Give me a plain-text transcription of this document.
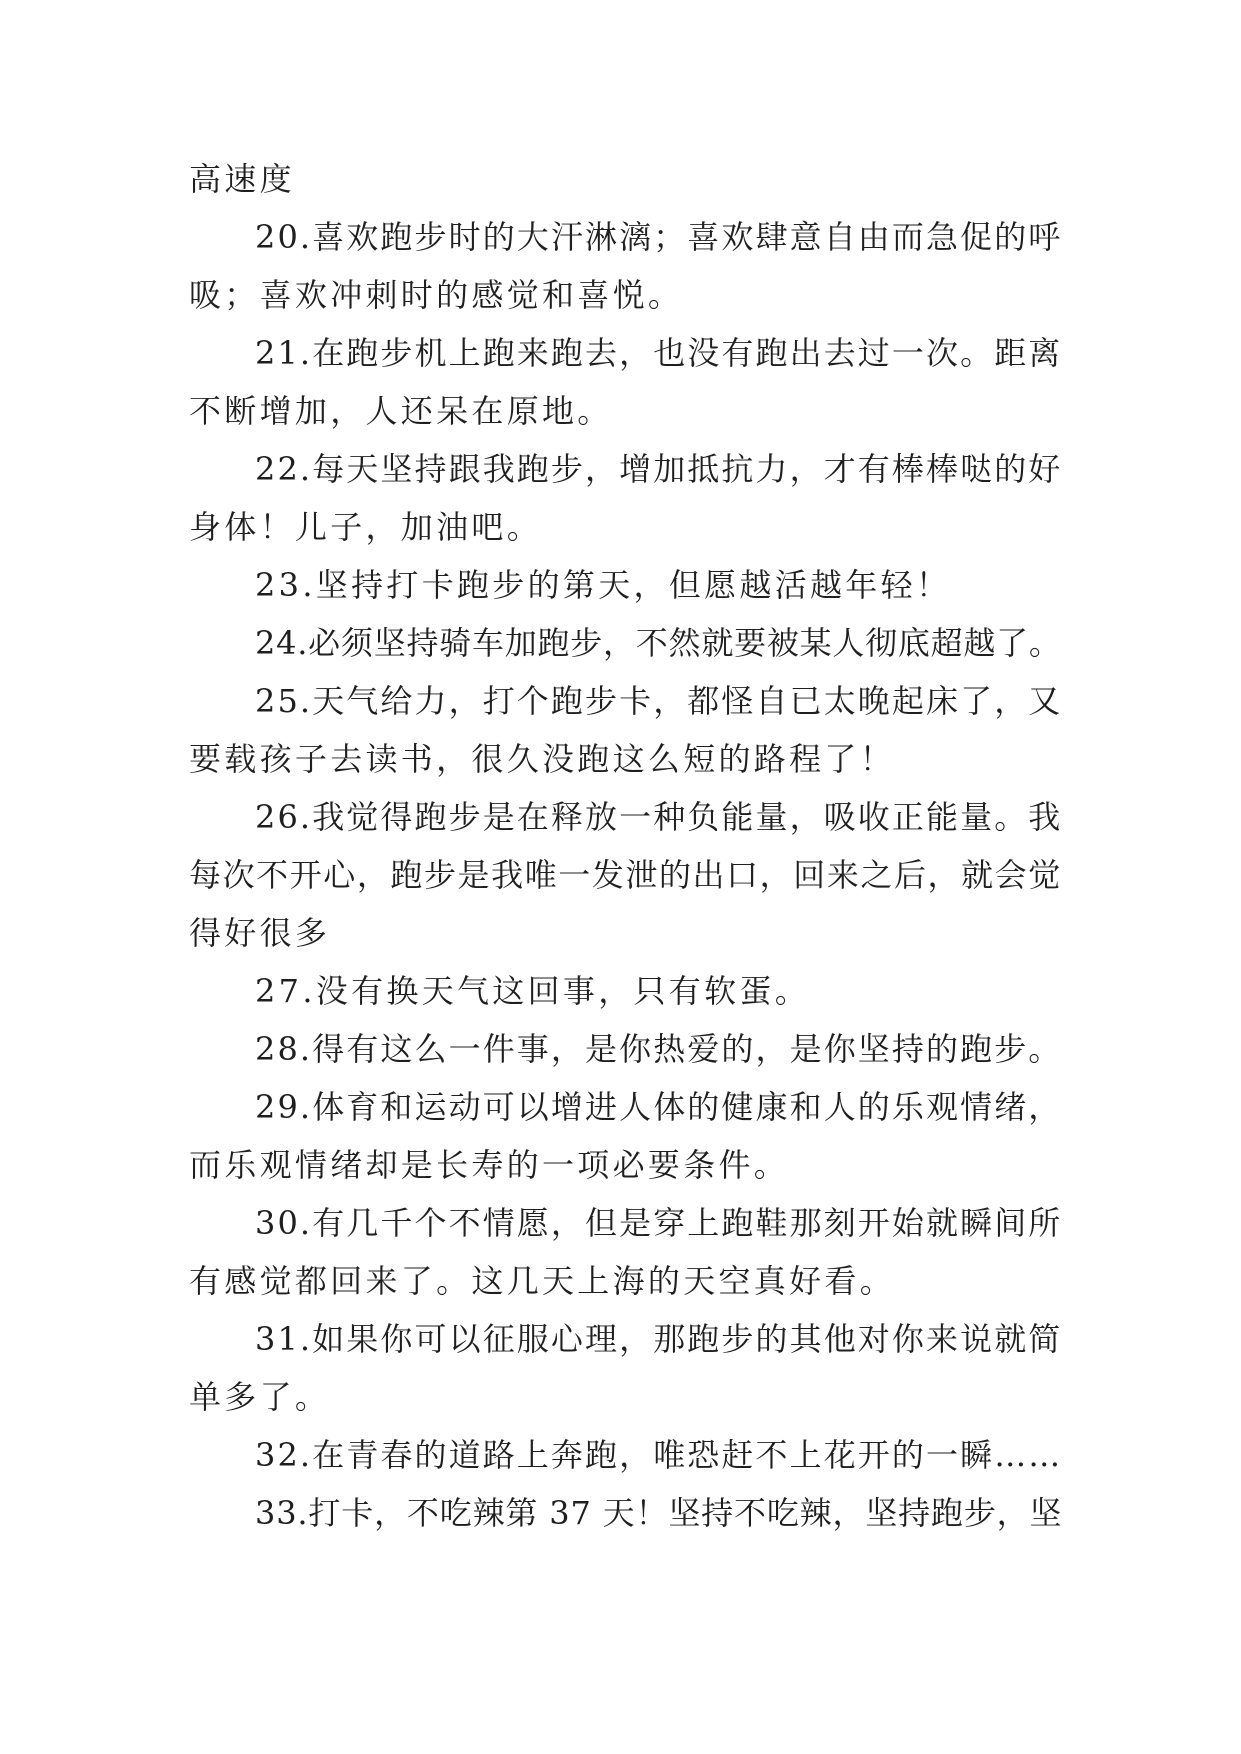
高速度
20.喜欢跑步时的大汗淋漓；喜欢肆意自由而急促的呼
吸；喜欢冲刺时的感觉和喜悦。
21.在跑步机上跑来跑去，也没有跑出去过一次。距离
不断增加，人还呆在原地。
22.每天坚持跟我跑步，增加抵抗力，才有棒棒哒的好
身体！儿子，加油吧。
23.坚持打卡跑步的第天，但愿越活越年轻！
24.必须坚持骑车加跑步，不然就要被某人彻底超越了。
25.天气给力，打个跑步卡，都怪自已太晚起床了，又
要载孩子去读书，很久没跑这么短的路程了！
26.我觉得跑步是在释放一种负能量，吸收正能量。我
每次不开心，跑步是我唯一发泄的出口，回来之后，就会觉
得好很多
27.没有换天气这回事，只有软蛋。
28.得有这么一件事，是你热爱的，是你坚持的跑步。
29.体育和运动可以增进人体的健康和人的乐观情绪，
而乐观情绪却是长寿的一项必要条件。
30.有几千个不情愿，但是穿上跑鞋那刻开始就瞬间所
有感觉都回来了。这几天上海的天空真好看。
31.如果你可以征服心理，那跑步的其他对你来说就简
单多了。
32.在青春的道路上奔跑，唯恐赶不上花开的一瞬……
33.打卡，不吃辣第 37 天！坚持不吃辣，坚持跑步，坚
